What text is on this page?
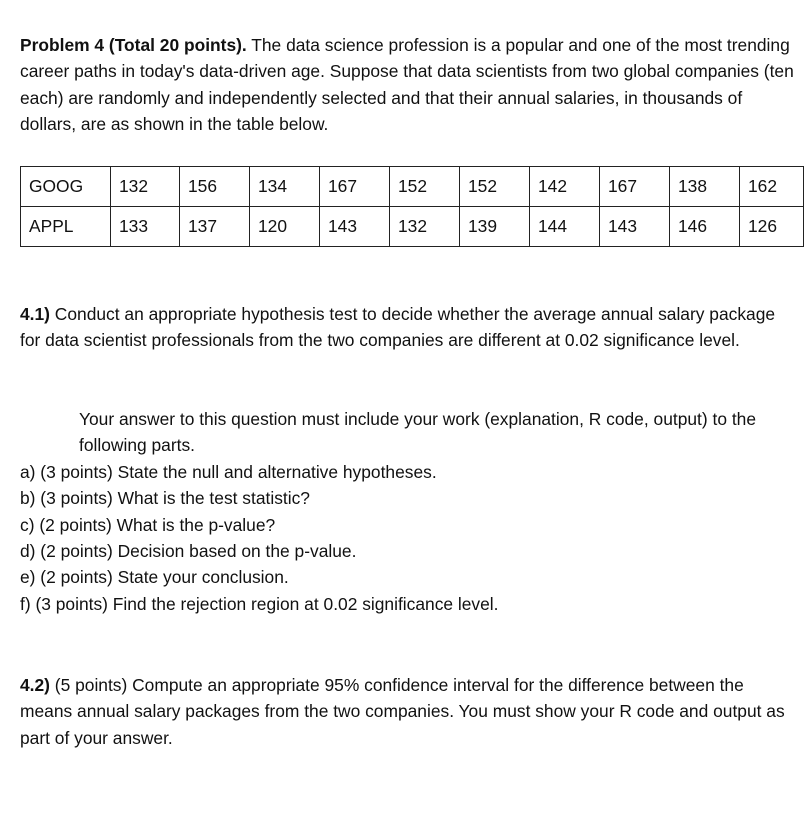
Problem 4 (Total 20 points). The data science profession is a popular and one of the most trending career paths in today's data-driven age. Suppose that data scientists from two global companies (ten each) are randomly and independently selected and that their annual salaries, in thousands of dollars, are as shown in the table below.
GOOG	132	156	134	167	152	152	142	167	138	162
APPL	133	137	120	143	132	139	144	143	146	126
4.1) Conduct an appropriate hypothesis test to decide whether the average annual salary package for data scientist professionals from the two companies are different at 0.02 significance level.
Your answer to this question must include your work (explanation, R code, output) to the following parts.
a) (3 points) State the null and alternative hypotheses.
b) (3 points) What is the test statistic?
c) (2 points) What is the p-value?
d) (2 points) Decision based on the p-value.
e) (2 points) State your conclusion.
f) (3 points) Find the rejection region at 0.02 significance level.
4.2) (5 points) Compute an appropriate 95% confidence interval for the difference between the means annual salary packages from the two companies. You must show your R code and output as part of your answer.
